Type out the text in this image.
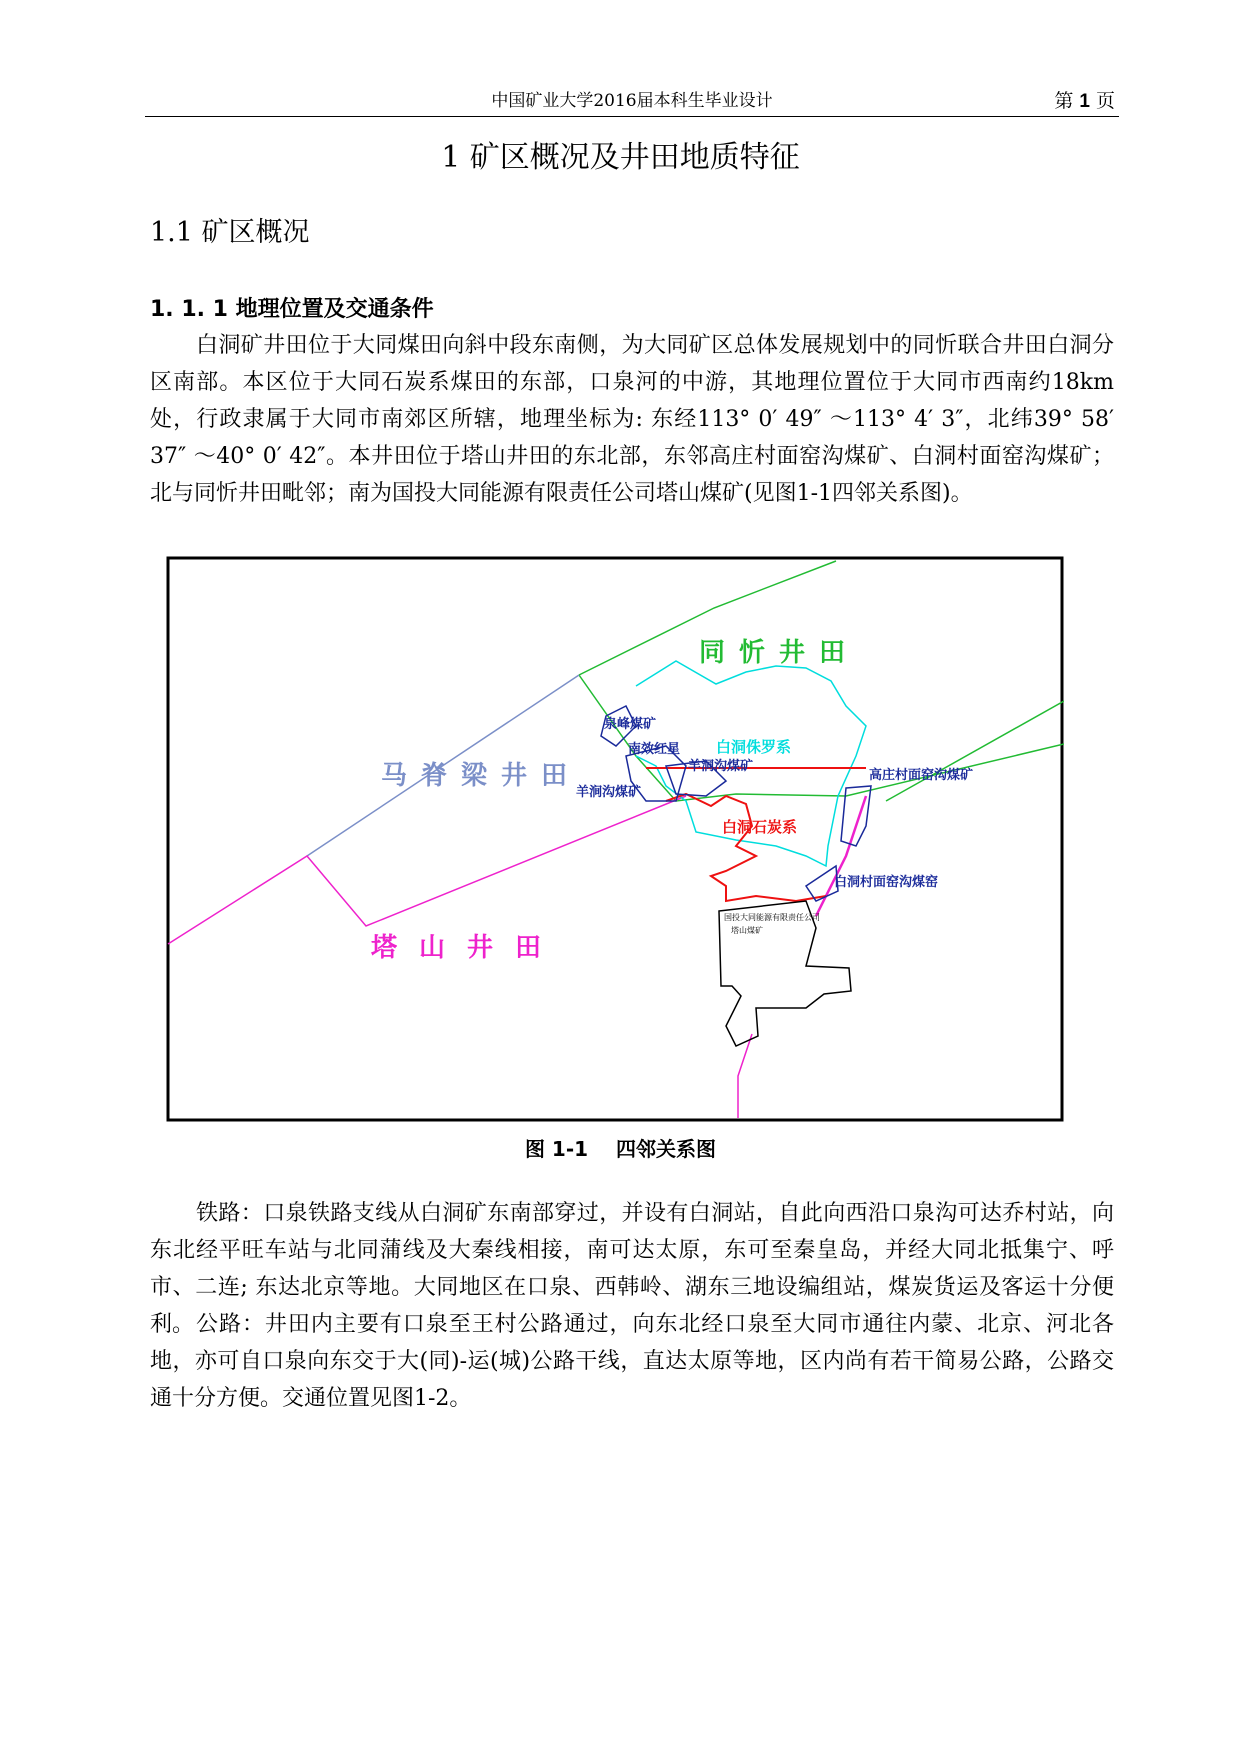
中国矿业大学2016届本科生毕业设计	第 1 页
1 矿区概况及井田地质特征
1.1 矿区概况
1. 1. 1 地理位置及交通条件
白洞矿井田位于大同煤田向斜中段东南侧，为大同矿区总体发展规划中的同忻联合井田白洞分区南部。本区位于大同石炭系煤田的东部，口泉河的中游，其地理位置位于大同市西南约18km处，行政隶属于大同市南郊区所辖，地理坐标为: 东经113° 0′ 49″ ～113° 4′ 3″，北纬39° 58′ 37″ ～40° 0′ 42″。本井田位于塔山井田的东北部，东邻高庄村面窑沟煤矿、白洞村面窑沟煤矿；北与同忻井田毗邻；南为国投大同能源有限责任公司塔山煤矿(见图1-1四邻关系图)。
同忻井田
马脊梁井田
塔山井田
泉峰煤矿
南效红星
羊洞沟煤矿
羊涧沟煤矿
高庄村面窑沟煤矿
白洞村面窑沟煤窑
白洞侏罗系
白洞石炭系
国投大同能源有限责任公司
塔山煤矿
图 1-1 四邻关系图
铁路：口泉铁路支线从白洞矿东南部穿过，并设有白洞站，自此向西沿口泉沟可达乔村站，向东北经平旺车站与北同蒲线及大秦线相接，南可达太原，东可至秦皇岛，并经大同北抵集宁、呼市、二连; 东达北京等地。大同地区在口泉、西韩岭、湖东三地设编组站，煤炭货运及客运十分便利。 公路：井田内主要有口泉至王村公路通过，向东北经口泉至大同市通往内蒙、北京、河北各地，亦可自口泉向东交于大(同)-运(城)公路干线，直达太原等地，区内尚有若干简易公路，公路交通十分方便。交通位置见图1-2。
